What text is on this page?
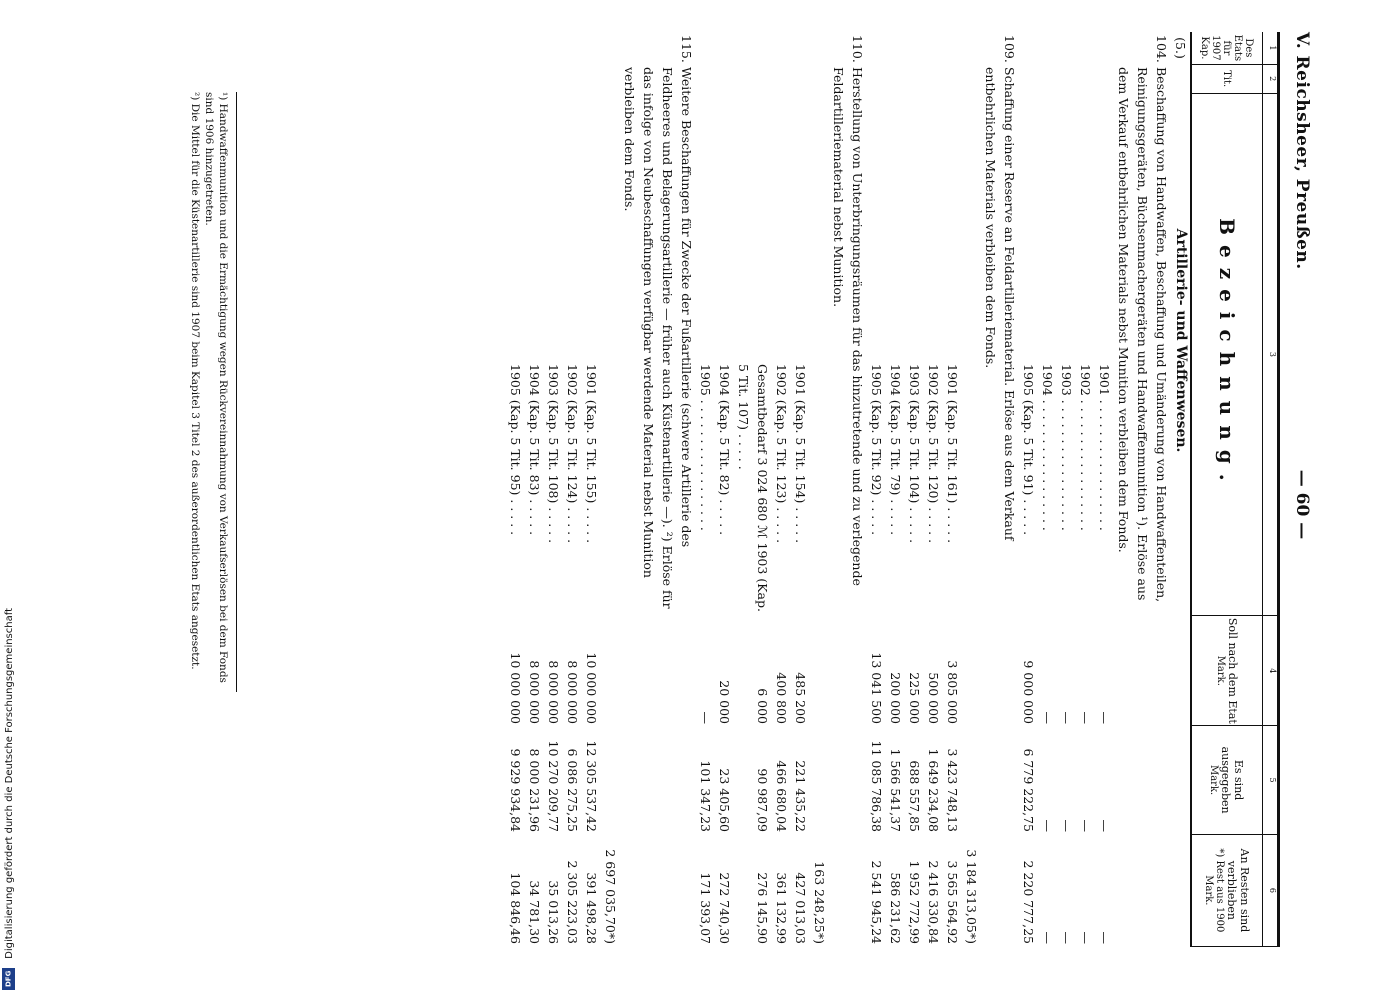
Digitalisierung gefördert durch die Deutsche Forschungsgemeinschaft
DFG
V. Reichsheer, Preußen.
— 60 —
1
2
3
4
5
6
Des Etats für 1907
Kap.
Tit.
Bezeichnung.
Soll nach dem Etat
Mark.
Es sind ausgegeben
Mark.
An Resten sind verblieben
*) Rest aus 1900
Mark.
(5.)
Artillerie- und Waffenwesen.
104.
Beschaffung von Handwaffen, Beschaffung und Umänderung von Handwaffenteilen, Reinigungsgeräten, Büchsenmachergeräten und Handwaffenmunition ¹). Erlöse aus dem Verkauf entbehrlichen Materials nebst Munition verbleiben dem Fonds.
1901 . . . . . . . . . . . . . . . . .
—
—
—
1902 . . . . . . . . . . . . . . . . .
—
—
—
1903 . . . . . . . . . . . . . . . . .
—
—
—
1904 . . . . . . . . . . . . . . . . .
—
—
—
1905 (Kap. 5 Tit. 91) . . . . .
9 000 000
6 779 222,75
2 220 777,25
109.
Schaffung einer Reserve an Feldartilleriematerial. Erlöse aus dem Verkauf entbehrlichen Materials verbleiben dem Fonds.
3 184 313,05*)
1901 (Kap. 5 Tit. 161) . . . . .
3 805 000
3 423 748,13
3 565 564,92
1902 (Kap. 5 Tit. 120) . . . . .
500 000
1 649 234,08
2 416 330,84
1903 (Kap. 5 Tit. 104) . . . . .
225 000
688 557,85
1 952 772,99
1904 (Kap. 5 Tit. 79) . . . . .
200 000
1 566 541,37
586 231,62
1905 (Kap. 5 Tit. 92) . . . . .
13 041 500
11 085 786,38
2 541 945,24
110.
Herstellung von Unterbringungsräumen für das hinzutretende und zu verlegende Feldartilleriematerial nebst Munition.
163 248,25*)
1901 (Kap. 5 Tit. 154) . . . . .
485 200
221 435,22
427 013,03
1902 (Kap. 5 Tit. 123) . . . . .
400 800
466 680,04
361 132,99
Gesamtbedarf 3 024 680 ℳ 1903 (Kap. 5 Tit. 107) . . . . .
6 000
90 987,09
276 145,90
1904 (Kap. 5 Tit. 82) . . . . .
20 000
23 405,60
272 740,30
1905 . . . . . . . . . . . . . . . . .
—
101 347,23
171 393,07
115.
Weitere Beschaffungen für Zwecke der Fußartillerie (schwere Artillerie des Feldheeres und Belagerungsartillerie — früher auch Küstenartillerie —). ²) Erlöse für das infolge von Neubeschaffungen verfügbar werdende Material nebst Munition verbleiben dem Fonds.
2 697 035,70*)
1901 (Kap. 5 Tit. 155) . . . . .
10 000 000
12 305 537,42
391 498,28
1902 (Kap. 5 Tit. 124) . . . . .
8 000 000
6 086 275,25
2 305 223,03
1903 (Kap. 5 Tit. 108) . . . . .
8 000 000
10 270 209,77
35 013,26
1904 (Kap. 5 Tit. 83) . . . . .
8 000 000
8 000 231,96
34 781,30
1905 (Kap. 5 Tit. 95) . . . . .
10 000 000
9 929 934,84
104 846,46
¹) Handwaffenmunition und die Ermächtigung wegen Rückvereinnahmung von Verkaufserlösen bei dem Fonds sind 1906 hinzugetreten.
²) Die Mittel für die Küstenartillerie sind 1907 beim Kapitel 3 Titel 2 des außerordentlichen Etats angesetzt.
